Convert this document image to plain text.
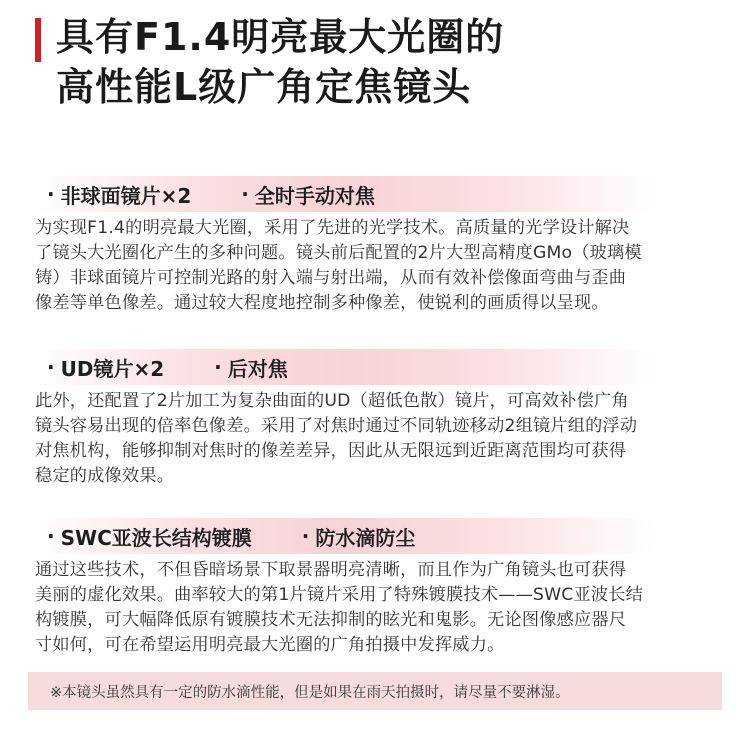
具有F1.4明亮最大光圈的
高性能L级广角定焦镜头
· 非球面镜片×2	· 全时手动对焦
为实现F1.4的明亮最大光圈，采用了先进的光学技术。高质量的光学设计解决
了镜头大光圈化产生的多种问题。镜头前后配置的2片大型高精度GMo（玻璃模
铸）非球面镜片可控制光路的射入端与射出端，从而有效补偿像面弯曲与歪曲
像差等单色像差。通过较大程度地控制多种像差，使锐利的画质得以呈现。
· UD镜片×2	· 后对焦
此外，还配置了2片加工为复杂曲面的UD（超低色散）镜片，可高效补偿广角
镜头容易出现的倍率色像差。采用了对焦时通过不同轨迹移动2组镜片组的浮动
对焦机构，能够抑制对焦时的像差差异，因此从无限远到近距离范围均可获得
稳定的成像效果。
· SWC亚波长结构镀膜	· 防水滴防尘
通过这些技术，不但昏暗场景下取景器明亮清晰，而且作为广角镜头也可获得
美丽的虚化效果。曲率较大的第1片镜片采用了特殊镀膜技术——SWC亚波长结
构镀膜，可大幅降低原有镀膜技术无法抑制的眩光和鬼影。无论图像感应器尺
寸如何，可在希望运用明亮最大光圈的广角拍摄中发挥威力。
※本镜头虽然具有一定的防水滴性能，但是如果在雨天拍摄时，请尽量不要淋湿。
